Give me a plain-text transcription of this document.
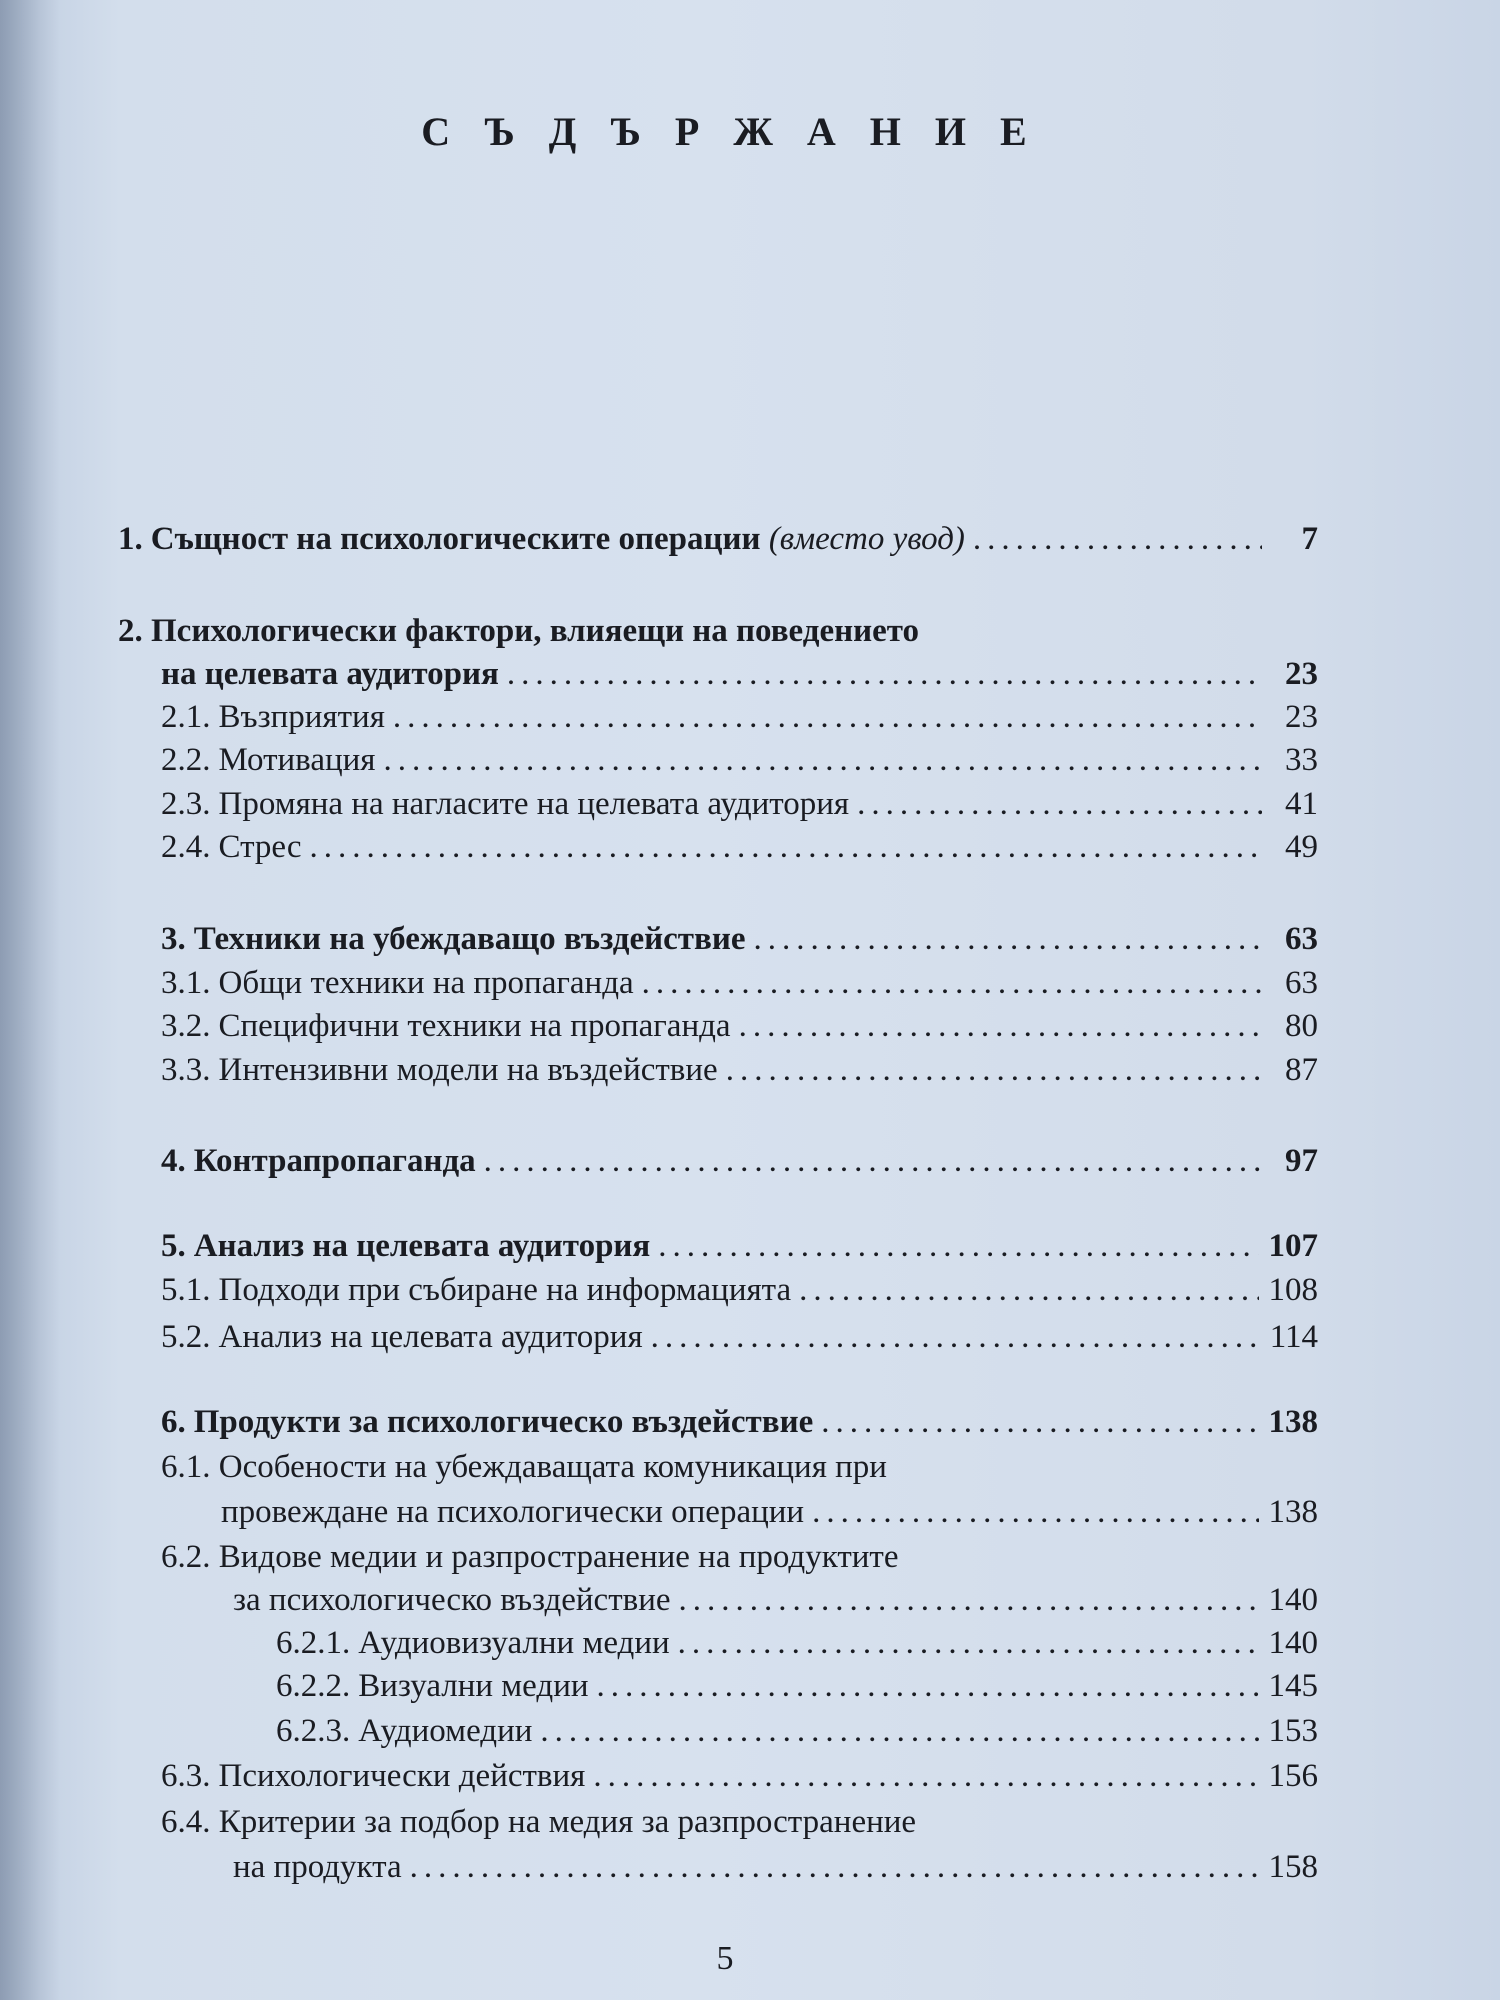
С Ъ Д Ъ Р Ж А Н И Е
1. Същност на психологическите операции (вместо увод) .....	7
2. Психологически фактори, влияещи на поведението
на целевата аудитория .....	23
2.1. Възприятия .....	23
2.2. Мотивация .....	33
2.3. Промяна на нагласите на целевата аудитория .....	41
2.4. Стрес .....	49
3. Техники на убеждаващо въздействие .....	63
3.1. Общи техники на пропаганда .....	63
3.2. Специфични техники на пропаганда .....	80
3.3. Интензивни модели на въздействие .....	87
4. Контрапропаганда .....	97
5. Анализ на целевата аудитория .....	107
5.1. Подходи при събиране на информацията .....	108
5.2. Анализ на целевата аудитория .....	114
6. Продукти за психологическо въздействие .....	138
6.1. Особености на убеждаващата комуникация при
провеждане на психологически операции .....	138
6.2. Видове медии и разпространение на продуктите
за психологическо въздействие .....	140
6.2.1. Аудиовизуални медии .....	140
6.2.2. Визуални медии .....	145
6.2.3. Аудиомедии .....	153
6.3. Психологически действия .....	156
6.4. Критерии за подбор на медия за разпространение
на продукта .....	158
5
